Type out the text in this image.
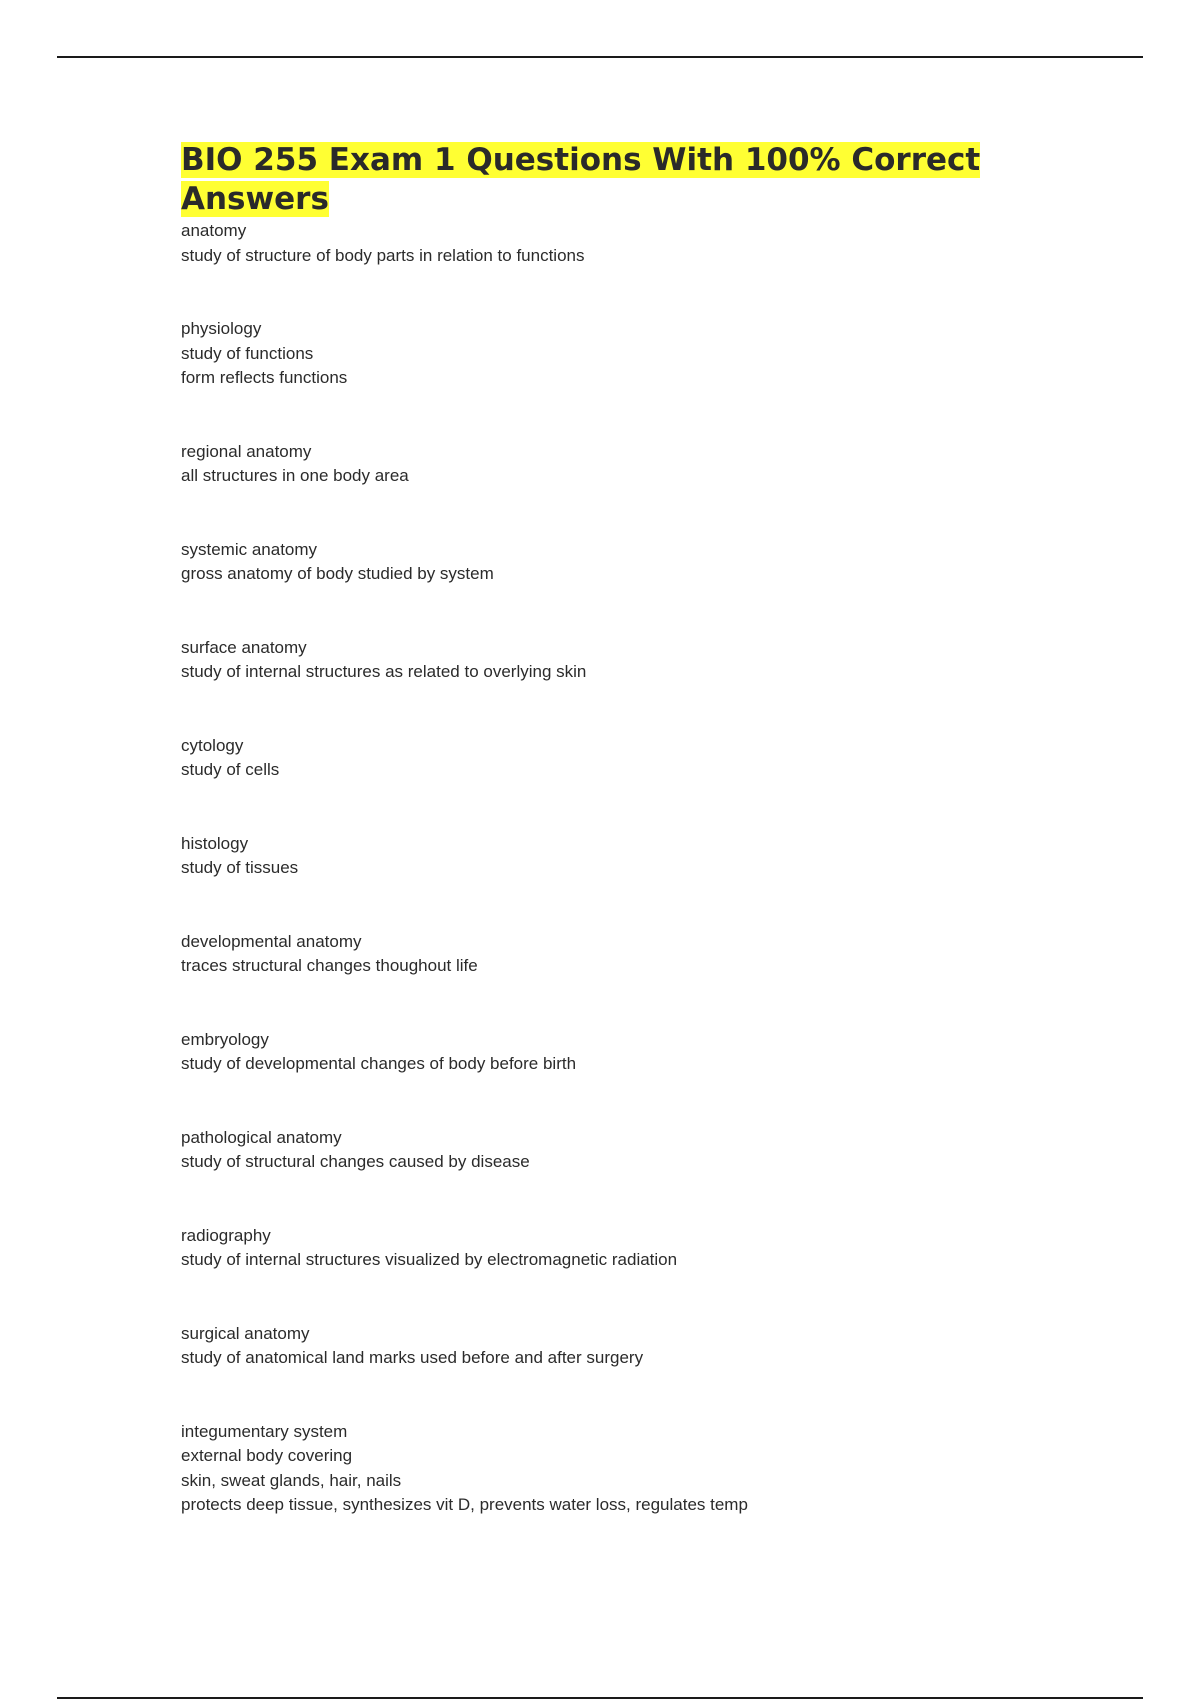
BIO 255 Exam 1 Questions With 100% Correct Answers
anatomy
study of structure of body parts in relation to functions
physiology
study of functions
form reflects functions
regional anatomy
all structures in one body area
systemic anatomy
gross anatomy of body studied by system
surface anatomy
study of internal structures as related to overlying skin
cytology
study of cells
histology
study of tissues
developmental anatomy
traces structural changes thoughout life
embryology
study of developmental changes of body before birth
pathological anatomy
study of structural changes caused by disease
radiography
study of internal structures visualized by electromagnetic radiation
surgical anatomy
study of anatomical land marks used before and after surgery
integumentary system
external body covering
skin, sweat glands, hair, nails
protects deep tissue, synthesizes vit D, prevents water loss, regulates temp
